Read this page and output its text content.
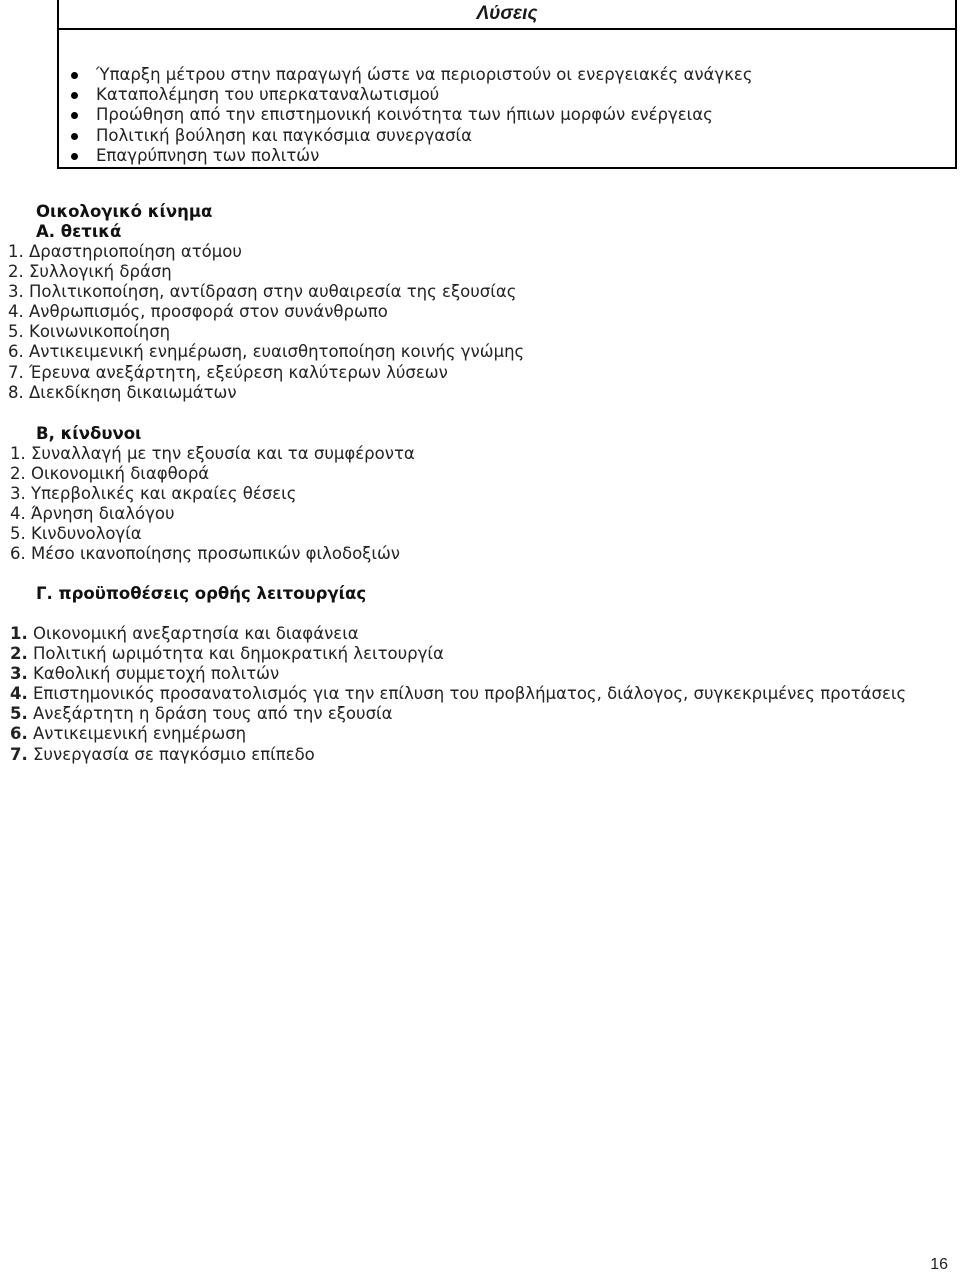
Λύσεις
Ύπαρξη μέτρου στην παραγωγή ώστε να περιοριστούν οι ενεργειακές ανάγκες
Καταπολέμηση του υπερκαταναλωτισμού
Προώθηση από την επιστημονική κοινότητα των ήπιων μορφών ενέργειας
Πολιτική βούληση και παγκόσμια συνεργασία
Επαγρύπνηση των πολιτών
Οικολογικό κίνημα
Α. θετικά
1. Δραστηριοποίηση ατόμου
2. Συλλογική δράση
3. Πολιτικοποίηση, αντίδραση στην αυθαιρεσία της εξουσίας
4. Ανθρωπισμός, προσφορά στον συνάνθρωπο
5. Κοινωνικοποίηση
6. Αντικειμενική ενημέρωση, ευαισθητοποίηση κοινής γνώμης
7. Έρευνα ανεξάρτητη, εξεύρεση καλύτερων λύσεων
8. Διεκδίκηση δικαιωμάτων
Β, κίνδυνοι
1. Συναλλαγή με την εξουσία και τα συμφέροντα
2. Οικονομική διαφθορά
3. Υπερβολικές και ακραίες θέσεις
4. Άρνηση διαλόγου
5. Κινδυνολογία
6. Μέσο ικανοποίησης προσωπικών φιλοδοξιών
Γ. προϋποθέσεις ορθής λειτουργίας
1. Οικονομική ανεξαρτησία και διαφάνεια
2. Πολιτική ωριμότητα και δημοκρατική λειτουργία
3. Καθολική συμμετοχή πολιτών
4. Επιστημονικός προσανατολισμός για την επίλυση του προβλήματος, διάλογος, συγκεκριμένες προτάσεις
5. Ανεξάρτητη η δράση τους από την εξουσία
6. Αντικειμενική ενημέρωση
7. Συνεργασία σε παγκόσμιο επίπεδο
16
